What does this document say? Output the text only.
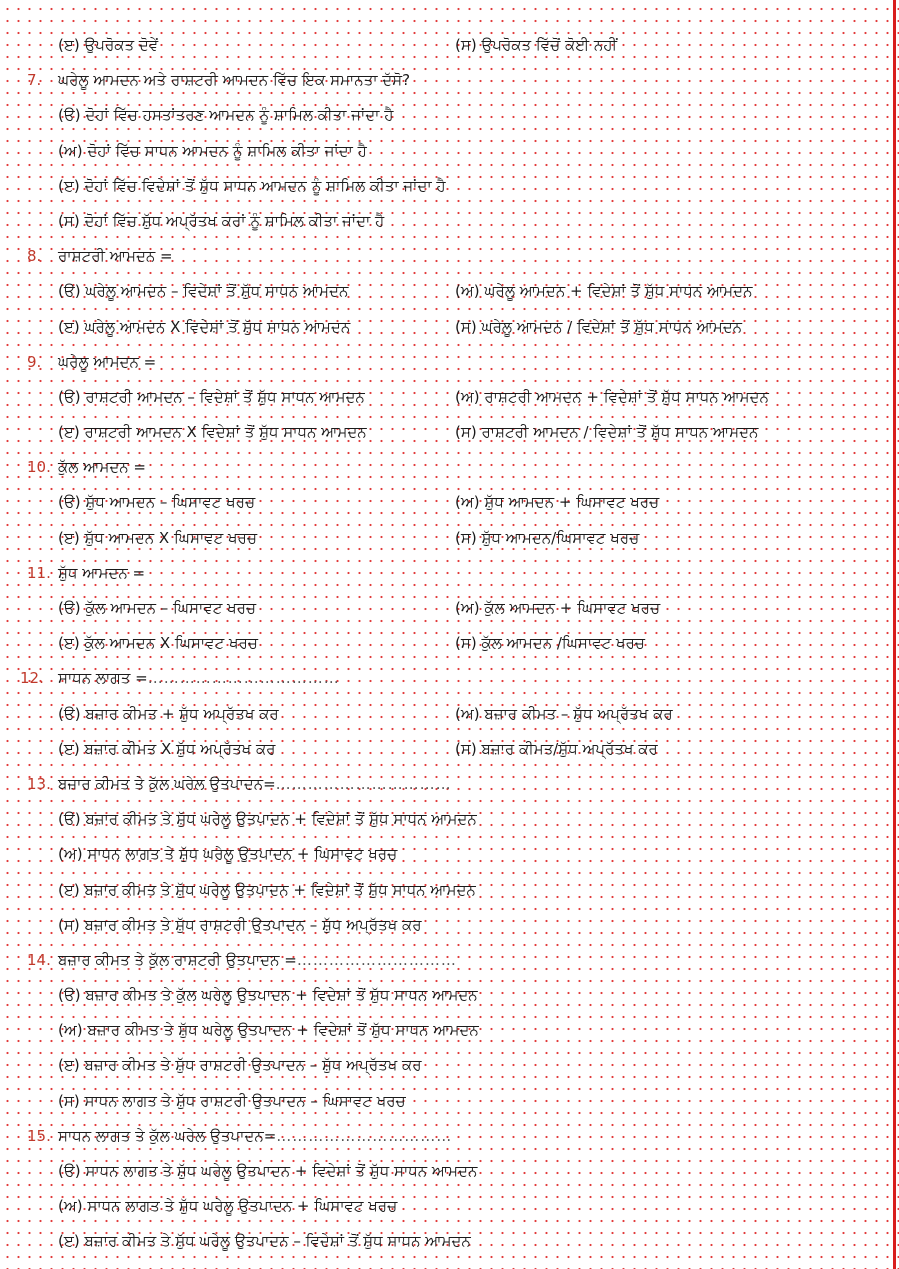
(ੲ) ਉਪਰੋਕਤ ਦੋਵੇਂ	(ਸ) ਉਪਰੋਕਤ ਵਿੱਚੋਂ ਕੋਈ ਨਹੀਂ
7. ਘਰੇਲੂ ਆਮਦਨ ਅਤੇ ਰਾਸ਼ਟਰੀ ਆਮਦਨ ਵਿੱਚ ਇਕ ਸਮਾਨਤਾ ਦੱਸੋ?
(ੳ) ਦੋਹਾਂ ਵਿੱਚ ਹਸਤਾਂਤਰਣ ਆਮਦਨ ਨੂੰ ਸ਼ਾਮਿਲ ਕੀਤਾ ਜਾਂਦਾ ਹੈ
(ਅ) ਦੋਹਾਂ ਵਿੱਚ ਸਾਧਨ ਆਮਦਨ ਨੂੰ ਸ਼ਾਮਿਲ ਕੀਤਾ ਜਾਂਦਾ ਹੈ
(ੲ) ਦੋਹਾਂ ਵਿੱਚ ਵਿਦੇਸ਼ਾਂ ਤੋਂ ਸ਼ੁੱਧ ਸਾਧਨ ਆਮਦਨ ਨੂੰ ਸ਼ਾਮਿਲ ਕੀਤਾ ਜਾਂਦਾ ਹੈ
(ਸ) ਦੋਹਾਂ ਵਿੱਚ ਸ਼ੁੱਧ ਅਪ੍ਰੱਤਖ ਕਰਾਂ ਨੂੰ ਸ਼ਾਮਿਲ ਕੀਤਾ ਜਾਂਦਾ ਹੈ
8. ਰਾਸ਼ਟਰੀ ਆਮਦਨ =
(ੳ) ਘਰੇਲੂ ਆਮਦਨ – ਵਿਦੇਸ਼ਾਂ ਤੋਂ ਸ਼ੁੱਧ ਸਾਧਨ ਆਮਦਨ	(ਅ) ਘਰੇਲੂ ਆਮਦਨ + ਵਿਦੇਸ਼ਾਂ ਤੋਂ ਸ਼ੁੱਧ ਸਾਧਨ ਆਮਦਨ
(ੲ) ਘਰੇਲੂ ਆਮਦਨ X ਵਿਦੇਸ਼ਾਂ ਤੋਂ ਸ਼ੁੱਧ ਸਾਧਨ ਆਮਦਨ	(ਸ) ਘਰੇਲੂ ਆਮਦਨ / ਵਿਦੇਸ਼ਾਂ ਤੋਂ ਸ਼ੁੱਧ ਸਾਧਨ ਆਮਦਨ
9. ਘਰੇਲੂ ਆਮਦਨ =
(ੳ) ਰਾਸ਼ਟਰੀ ਆਮਦਨ – ਵਿਦੇਸ਼ਾਂ ਤੋਂ ਸ਼ੁੱਧ ਸਾਧਨ ਆਮਦਨ	(ਅ) ਰਾਸ਼ਟਰੀ ਆਮਦਨ + ਵਿਦੇਸ਼ਾਂ ਤੋਂ ਸ਼ੁੱਧ ਸਾਧਨ ਆਮਦਨ
(ੲ) ਰਾਸ਼ਟਰੀ ਆਮਦਨ X ਵਿਦੇਸ਼ਾਂ ਤੋਂ ਸ਼ੁੱਧ ਸਾਧਨ ਆਮਦਨ	(ਸ) ਰਾਸ਼ਟਰੀ ਆਮਦਨ / ਵਿਦੇਸ਼ਾਂ ਤੋਂ ਸ਼ੁੱਧ ਸਾਧਨ ਆਮਦਨ
10. ਕੁੱਲ ਆਮਦਨ =
(ੳ) ਸ਼ੁੱਧ ਆਮਦਨ – ਘਿਸਾਵਟ ਖਰਚ	(ਅ) ਸ਼ੁੱਧ ਆਮਦਨ + ਘਿਸਾਵਟ ਖਰਚ
(ੲ) ਸ਼ੁੱਧ ਆਮਦਨ X ਘਿਸਾਵਟ ਖਰਚ	(ਸ) ਸ਼ੁੱਧ ਆਮਦਨ/ਘਿਸਾਵਟ ਖਰਚ
11. ਸ਼ੁੱਧ ਆਮਦਨ =
(ੳ) ਕੁੱਲ ਆਮਦਨ – ਘਿਸਾਵਟ ਖਰਚ	(ਅ) ਕੁੱਲ ਆਮਦਨ + ਘਿਸਾਵਟ ਖਰਚ
(ੲ) ਕੁੱਲ ਆਮਦਨ X ਘਿਸਾਵਟ ਖਰਚ	(ਸ) ਕੁੱਲ ਆਮਦਨ /ਘਿਸਾਵਟ ਖਰਚ
12. ਸਾਧਨ ਲਾਗਤ =………………………………
(ੳ) ਬਜ਼ਾਰ ਕੀਮਤ + ਸ਼ੁੱਧ ਅਪ੍ਰੱਤਖ ਕਰ	(ਅ) ਬਜ਼ਾਰ ਕੀਮਤ – ਸ਼ੁੱਧ ਅਪ੍ਰੱਤਖ ਕਰ
(ੲ) ਬਜ਼ਾਰ ਕੀਮਤ X ਸ਼ੁੱਧ ਅਪ੍ਰੱਤਖ ਕਰ	(ਸ) ਬਜ਼ਾਰ ਕੀਮਤ/ਸ਼ੁੱਧ ਅਪ੍ਰੱਤਖ ਕਰ
13. ਬਜ਼ਾਰ ਕੀਮਤ ਤੇ ਕੁੱਲ ਘਰੇਲ ਉਤਪਾਦਨ=……………………………
(ੳ) ਬਜ਼ਾਰ ਕੀਮਤ ਤੇ ਸ਼ੁੱਧ ਘਰੇਲੂ ਉਤਪਾਦਨ + ਵਿਦੇਸ਼ਾਂ ਤੋਂ ਸ਼ੁੱਧ ਸਾਧਨ ਆਮਦਨ
(ਅ) ਸਾਧਨ ਲਾਗਤ ਤੇ ਸ਼ੁੱਧ ਘਰੇਲੂ ਉਤਪਾਦਨ + ਘਿਸਾਵਟ ਖਰਚ
(ੲ) ਬਜ਼ਾਰ ਕੀਮਤ ਤੇ ਸ਼ੁੱਧ ਘਰੇਲੂ ਉਤਪਾਦਨ + ਵਿਦੇਸ਼ਾਂ ਤੋਂ ਸ਼ੁੱਧ ਸਾਧਨ ਆਮਦਨ
(ਸ) ਬਜ਼ਾਰ ਕੀਮਤ ਤੇ ਸ਼ੁੱਧ ਰਾਸ਼ਟਰੀ ਉਤਪਾਦਨ – ਸ਼ੁੱਧ ਅਪ੍ਰੱਤਖ ਕਰ
14. ਬਜ਼ਾਰ ਕੀਮਤ ਤੇ ਕੁੱਲ ਰਾਸ਼ਟਰੀ ਉਤਪਾਦਨ =…………………………
(ੳ) ਬਜ਼ਾਰ ਕੀਮਤ ਤੇ ਕੁੱਲ ਘਰੇਲੂ ਉਤਪਾਦਨ + ਵਿਦੇਸ਼ਾਂ ਤੋਂ ਸ਼ੁੱਧ ਸਾਧਨ ਆਮਦਨ
(ਅ) ਬਜ਼ਾਰ ਕੀਮਤ ਤੇ ਸ਼ੁੱਧ ਘਰੇਲੂ ਉਤਪਾਦਨ + ਵਿਦੇਸ਼ਾਂ ਤੋਂ ਸ਼ੁੱਧ ਸਾਧਨ ਆਮਦਨ
(ੲ) ਬਜ਼ਾਰ ਕੀਮਤ ਤੇ ਸ਼ੁੱਧ ਰਾਸ਼ਟਰੀ ਉਤਪਾਦਨ – ਸ਼ੁੱਧ ਅਪ੍ਰੱਤਖ ਕਰ
(ਸ) ਸਾਧਨ ਲਾਗਤ ਤੇ ਸ਼ੁੱਧ ਰਾਸ਼ਟਰੀ ਉਤਪਾਦਨ – ਘਿਸਾਵਟ ਖਰਚ
15. ਸਾਧਨ ਲਾਗਤ ਤੇ ਕੁੱਲ ਘਰੇਲ ਉਤਪਾਦਨ=……………………………
(ੳ) ਸਾਧਨ ਲਾਗਤ ਤੇ ਸ਼ੁੱਧ ਘਰੇਲੂ ਉਤਪਾਦਨ + ਵਿਦੇਸ਼ਾਂ ਤੋਂ ਸ਼ੁੱਧ ਸਾਧਨ ਆਮਦਨ
(ਅ) ਸਾਧਨ ਲਾਗਤ ਤੇ ਸ਼ੁੱਧ ਘਰੇਲੂ ਉਤਪਾਦਨ + ਘਿਸਾਵਟ ਖਰਚ
(ੲ) ਬਜ਼ਾਰ ਕੀਮਤ ਤੇ ਸ਼ੁੱਧ ਘਰੇਲੂ ਉਤਪਾਦਨ – ਵਿਦੇਸ਼ਾਂ ਤੋਂ ਸ਼ੁੱਧ ਸਾਧਨ ਆਮਦਨ
